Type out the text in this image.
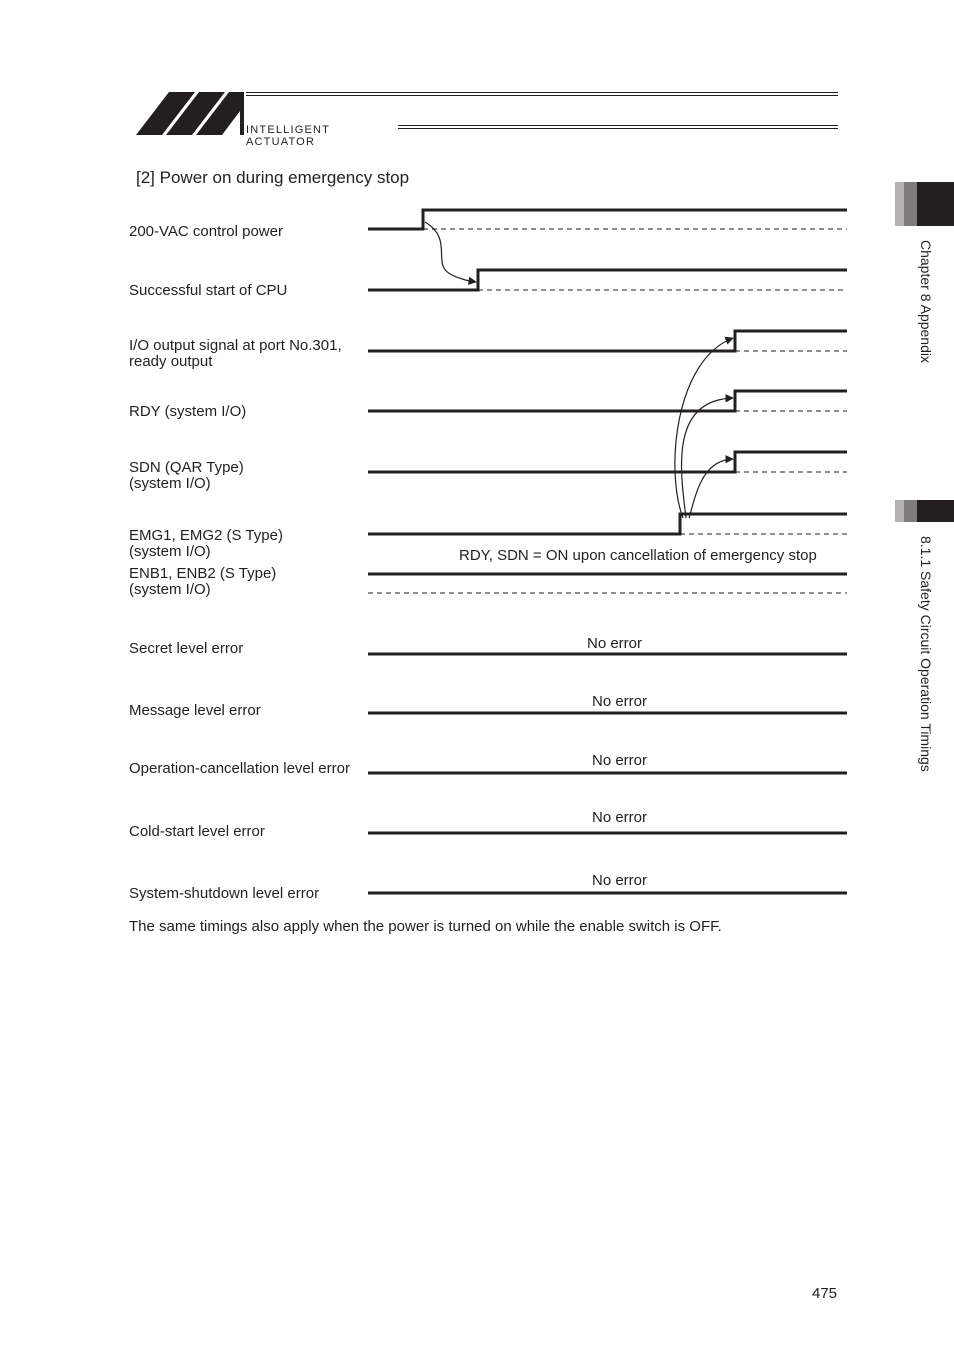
INTELLIGENT ACTUATOR
[2] Power on during emergency stop
200-VAC control power
Successful start of CPU
I/O output signal at port No.301,
ready output
RDY (system I/O)
SDN (QAR Type)
(system I/O)
EMG1, EMG2 (S Type)
(system I/O)
ENB1, ENB2 (S Type)
(system I/O)
Secret level error
Message level error
Operation-cancellation level error
Cold-start level error
System-shutdown level error
No error
No error
No error
No error
No error
RDY, SDN = ON upon cancellation of emergency stop
The same timings also apply when the power is turned on while the enable switch is OFF.
Chapter 8 Appendix
8.1.1 Safety Circuit Operation Timings
475
